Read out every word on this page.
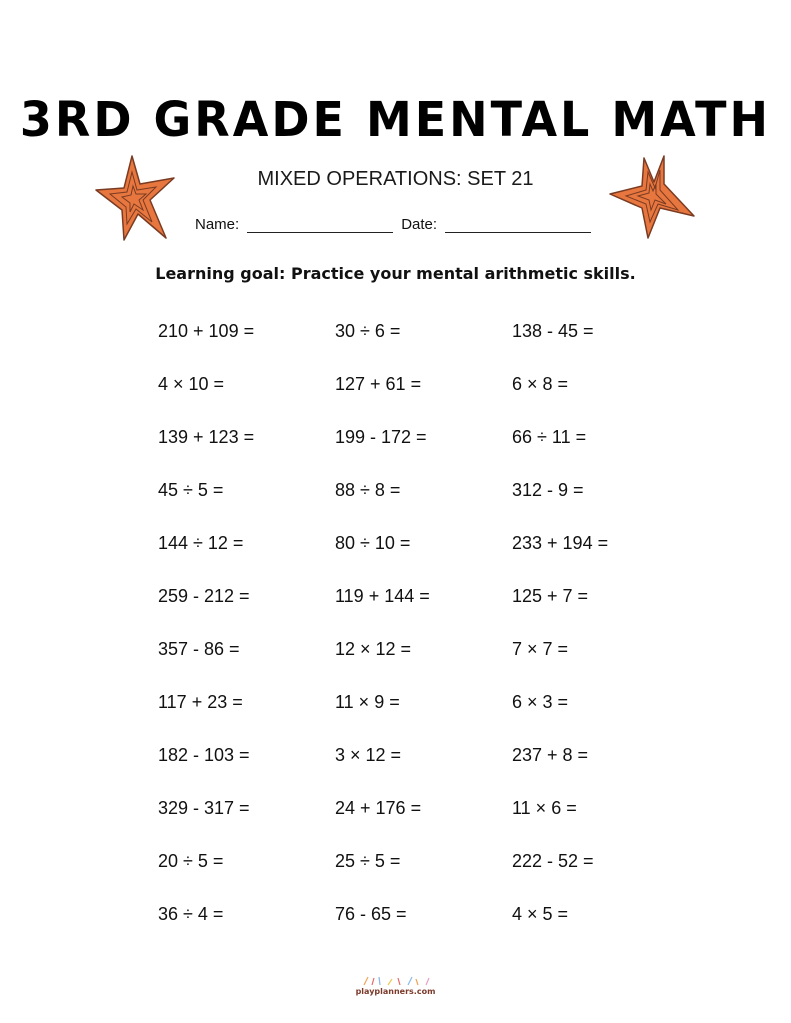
3RD GRADE MENTAL MATH
MIXED OPERATIONS: SET 21
Name:	Date:
Learning goal: Practice your mental arithmetic skills.
210 + 109 =	30 ÷ 6 =	138 - 45 =
4 × 10 =	127 + 61 =	6 × 8 =
139 + 123 =	199 - 172 =	66 ÷ 11 =
45 ÷ 5 =	88 ÷ 8 =	312 - 9 =
144 ÷ 12 =	80 ÷ 10 =	233 + 194 =
259 - 212 =	119 + 144 =	125 + 7 =
357 - 86 =	12 × 12 =	7 × 7 =
117 + 23 =	11 × 9 =	6 × 3 =
182 - 103 =	3 × 12 =	237 + 8 =
329 - 317 =	24 + 176 =	11 × 6 =
20 ÷ 5 =	25 ÷ 5 =	222 - 52 =
36 ÷ 4 =	76 - 65 =	4 × 5 =
playplanners.com
